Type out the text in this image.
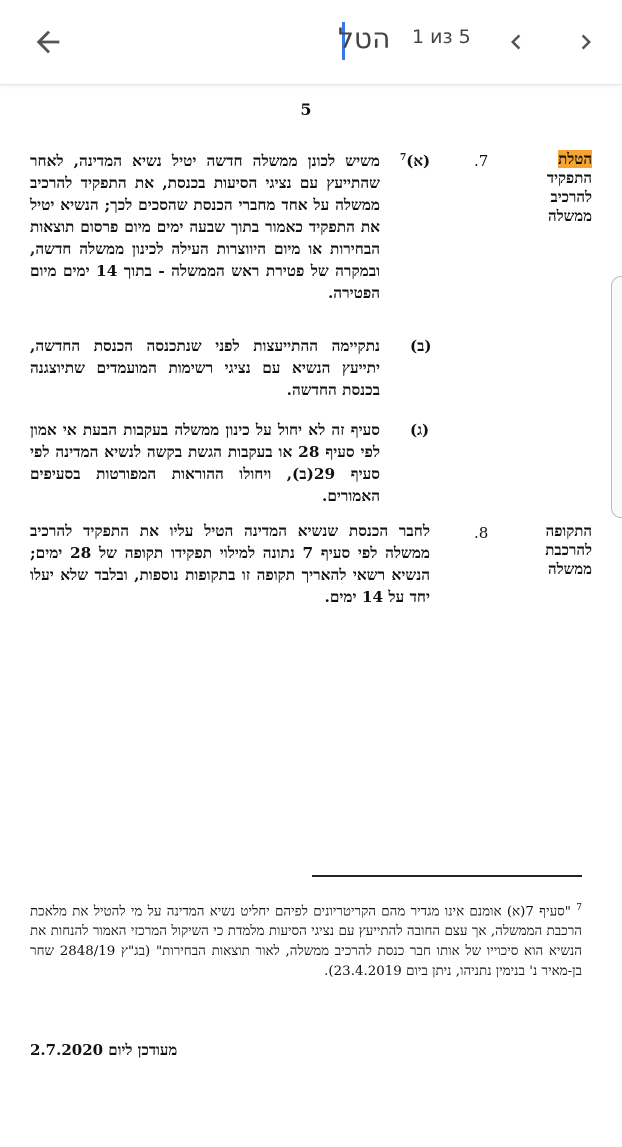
הטל 1 из 5
5
הטלת התפקיד להרכיב ממשלה
.7
(א)$^7$
משיש לכונן ממשלה חדשה יטיל נשיא המדינה, לאחר שהתייעץ עם נציגי הסיעות בכנסת, את התפקיד להרכיב ממשלה על אחד מחברי הכנסת שהסכים לכך; הנשיא יטיל את התפקיד כאמור בתוך שבעה ימים מיום פרסום תוצאות הבחירות או מיום היווצרות העילה לכינון ממשלה חדשה, ובמקרה של פטירת ראש הממשלה - בתוך 14 ימים מיום הפטירה.
(ב)
נתקיימה ההתייעצות לפני שנתכנסה הכנסת החדשה, יתייעץ הנשיא עם נציגי רשימות המועמדים שתיוצגנה בכנסת החדשה.
(ג)
סעיף זה לא יחול על כינון ממשלה בעקבות הבעת אי אמון לפי סעיף 28 או בעקבות הגשת בקשה לנשיא המדינה לפי סעיף 29(ב), ויחולו ההוראות המפורטות בסעיפים האמורים.
התקופה להרכבת ממשלה
.8
לחבר הכנסת שנשיא המדינה הטיל עליו את התפקיד להרכיב ממשלה לפי סעיף 7 נתונה למילוי תפקידו תקופה של 28 ימים; הנשיא רשאי להאריך תקופה זו בתקופות נוספות, ובלבד שלא יעלו יחד על 14 ימים.
$^7$ "סעיף 7(א) אומנם אינו מגדיר מהם הקריטריונים לפיהם יחליט נשיא המדינה על מי להטיל את מלאכת הרכבת הממשלה, אך עצם החובה להתייעץ עם נציגי הסיעות מלמדת כי השיקול המרכזי האמור להנחות את הנשיא הוא סיכוייו של אותו חבר כנסת להרכיב ממשלה, לאור תוצאות הבחירות" (בג"ץ 2848/19 שחר בן-מאיר נ' בנימין נתניהו, ניתן ביום 23.4.2019).
מעודכן ליום 2.7.2020
